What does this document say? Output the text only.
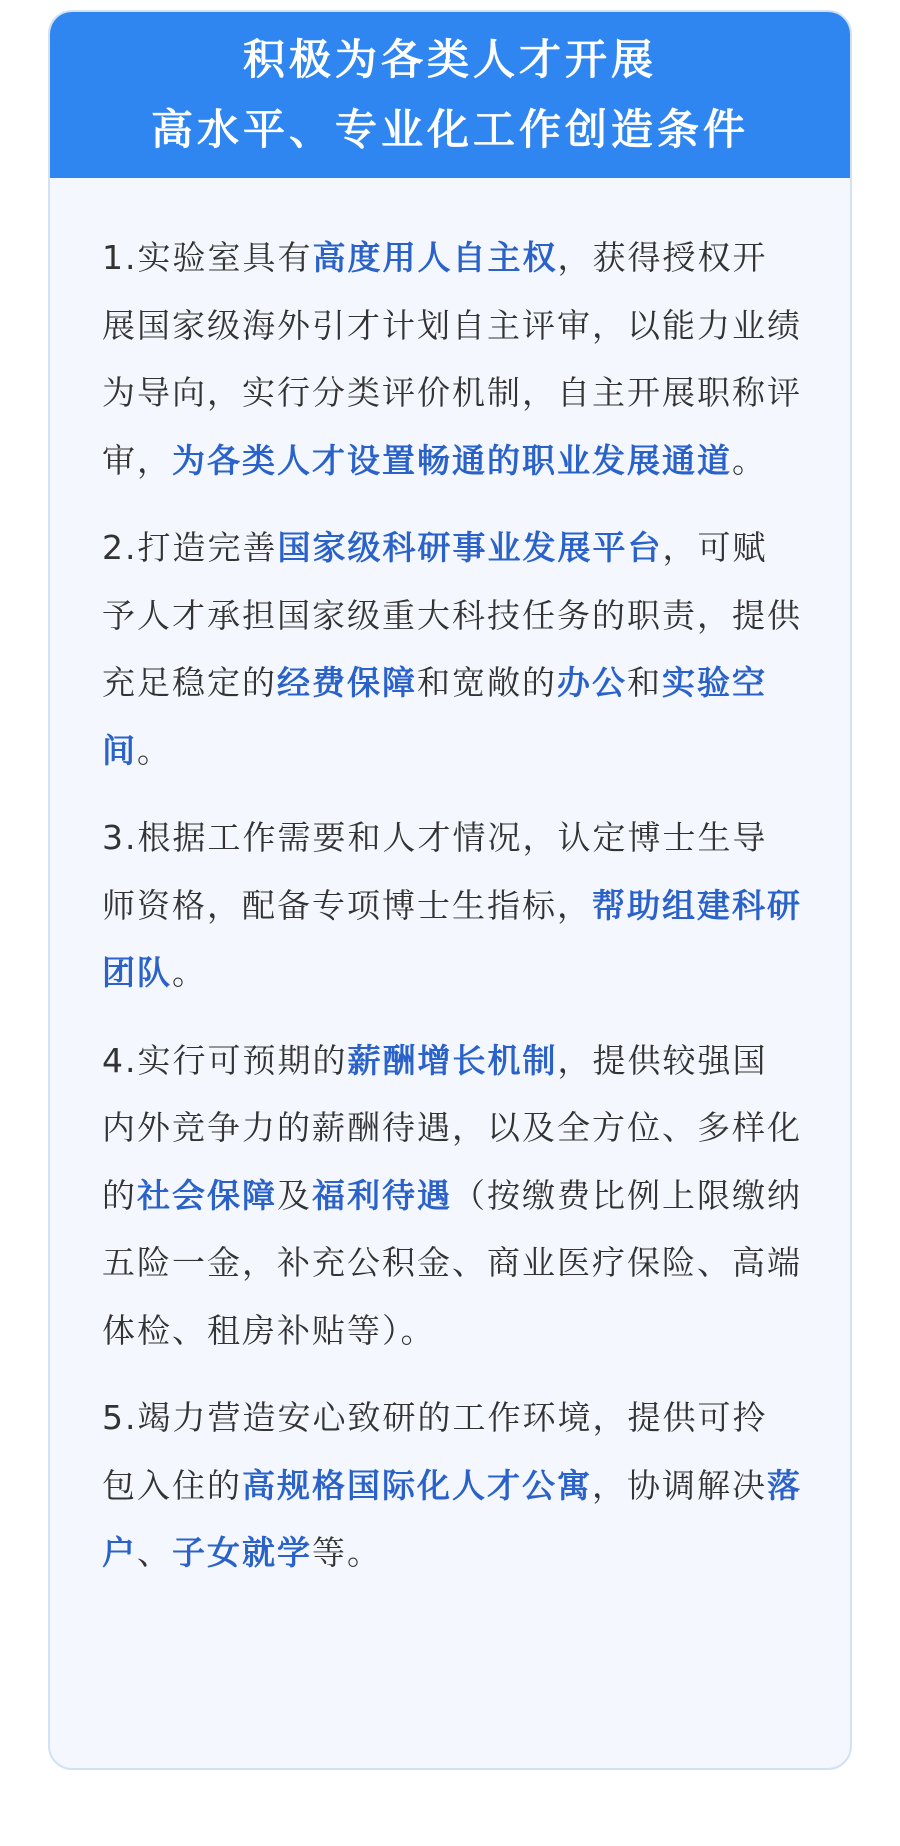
积极为各类人才开展
高水平、专业化工作创造条件

1.实验室具有高度用人自主权，获得授权开展国家级海外引才计划自主评审，以能力业绩为导向，实行分类评价机制，自主开展职称评审，为各类人才设置畅通的职业发展通道。

2.打造完善国家级科研事业发展平台，可赋予人才承担国家级重大科技任务的职责，提供充足稳定的经费保障和宽敞的办公和实验空间。

3.根据工作需要和人才情况，认定博士生导师资格，配备专项博士生指标，帮助组建科研团队。

4.实行可预期的薪酬增长机制，提供较强国内外竞争力的薪酬待遇，以及全方位、多样化的社会保障及福利待遇（按缴费比例上限缴纳五险一金，补充公积金、商业医疗保险、高端体检、租房补贴等）。

5.竭力营造安心致研的工作环境，提供可拎包入住的高规格国际化人才公寓，协调解决落户、子女就学等。
